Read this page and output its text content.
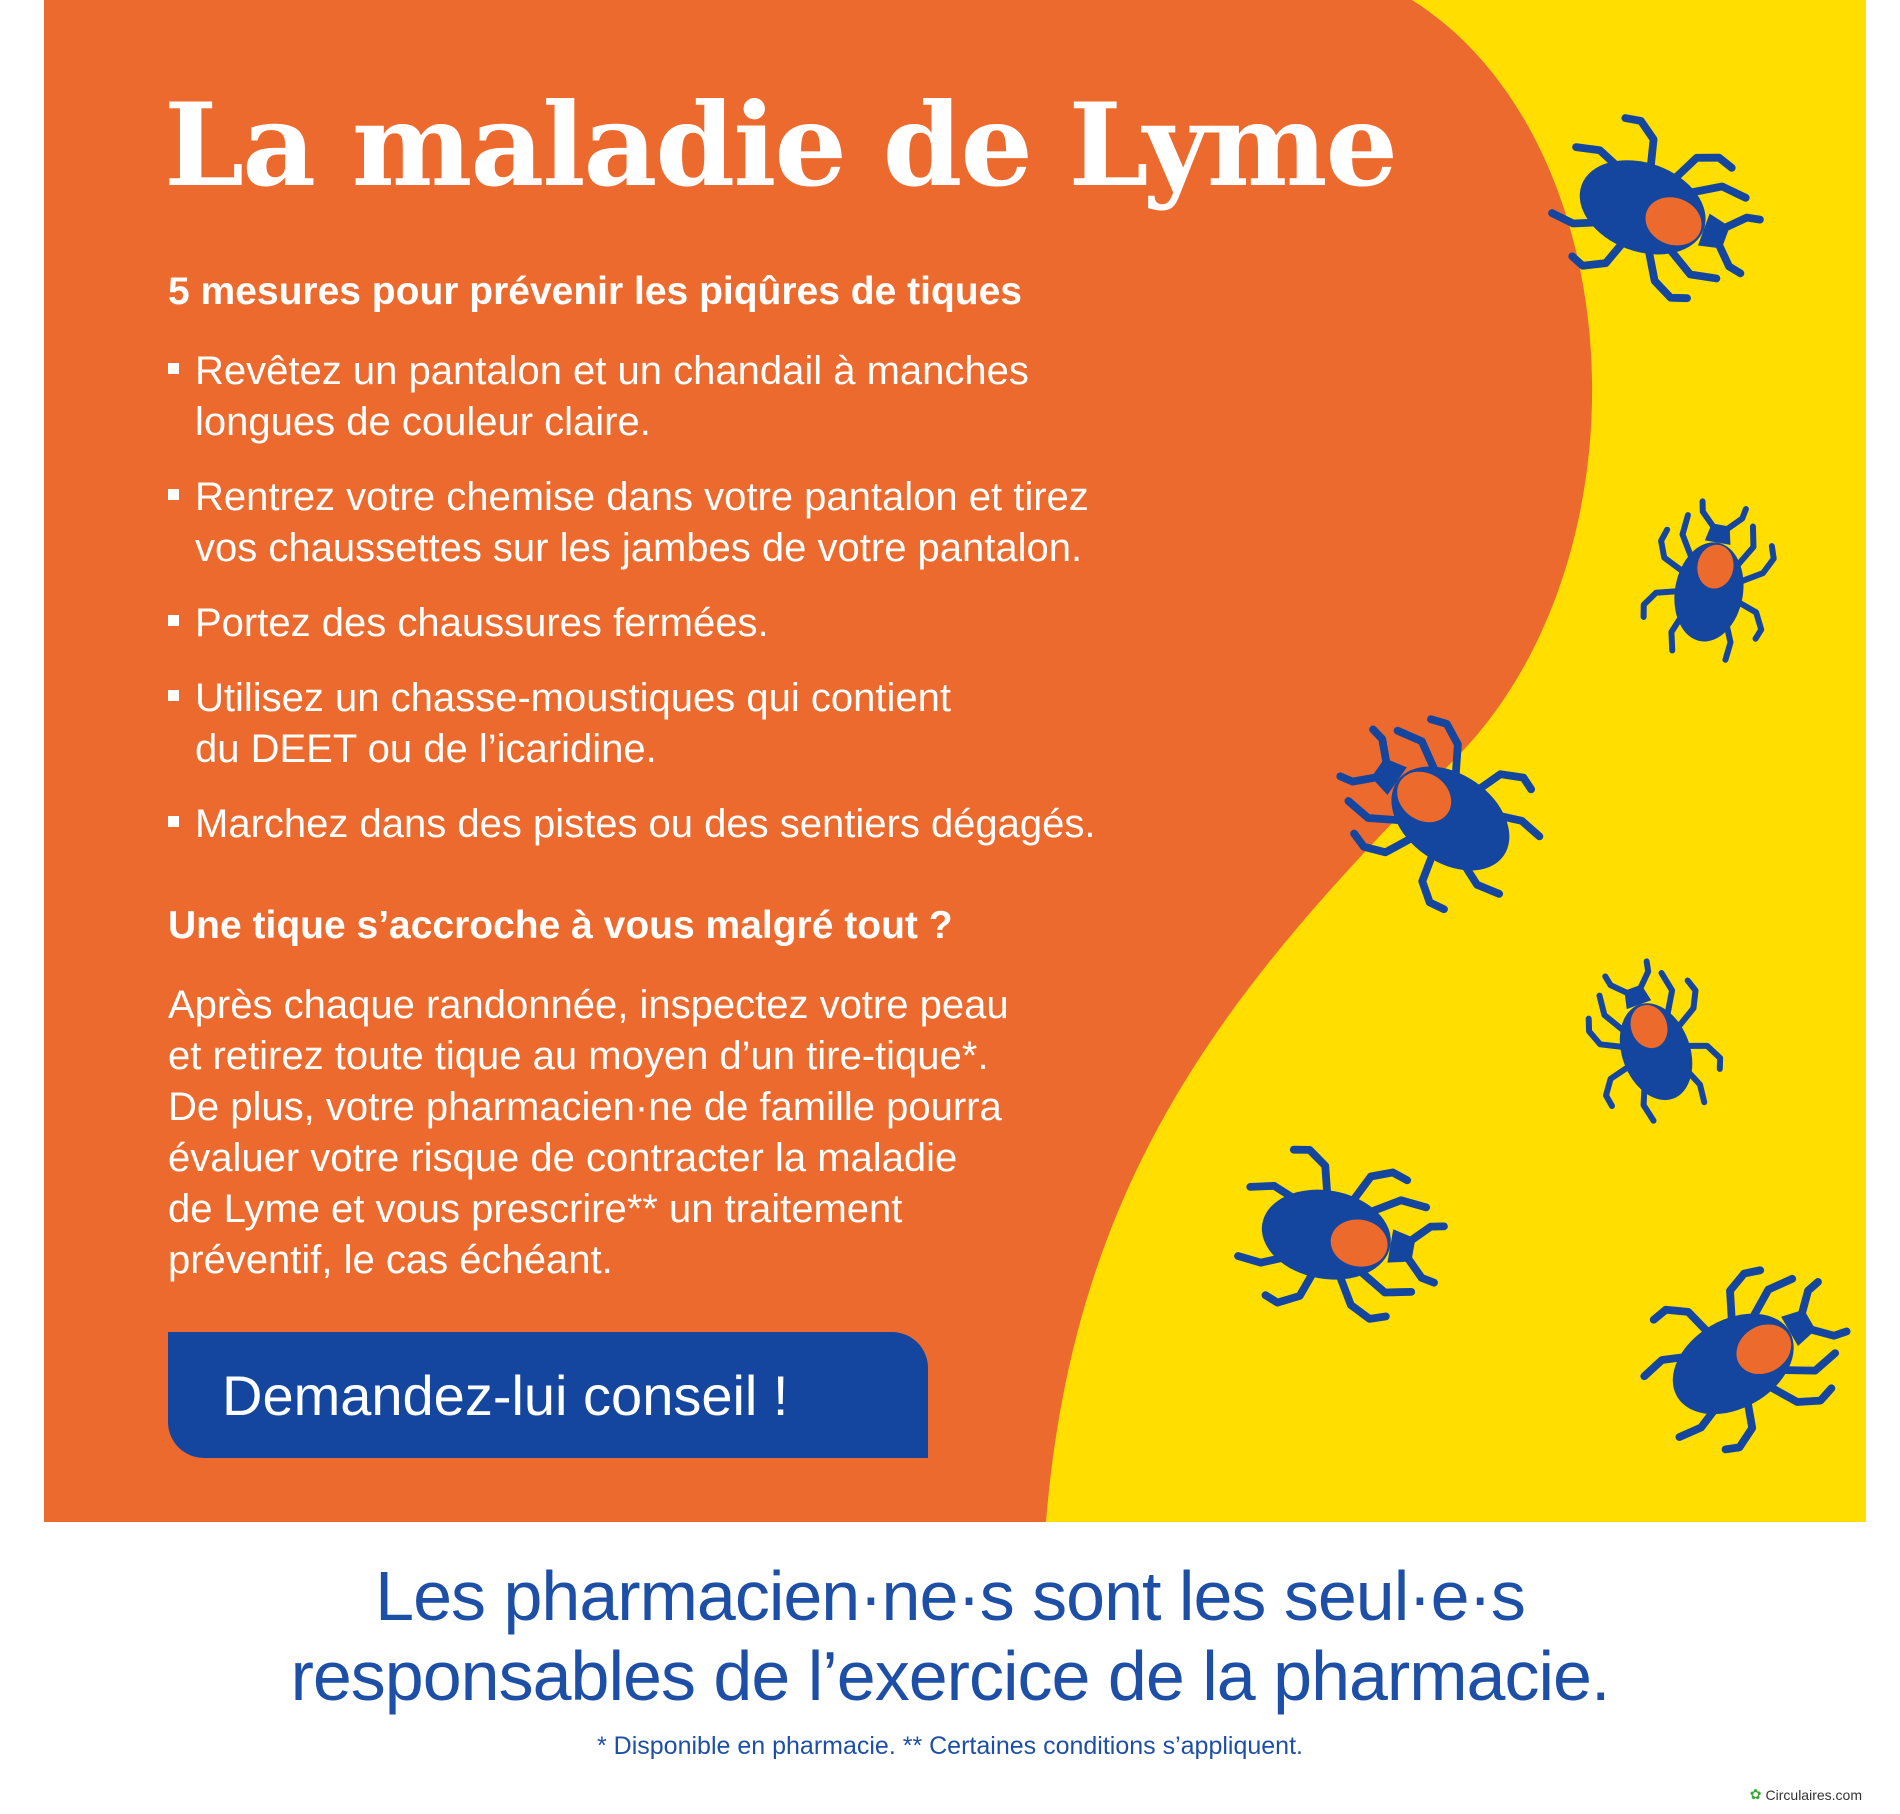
La maladie de Lyme
5 mesures pour prévenir les piqûres de tiques
Revêtez un pantalon et un chandail à manches
longues de couleur claire.
Rentrez votre chemise dans votre pantalon et tirez
vos chaussettes sur les jambes de votre pantalon.
Portez des chaussures fermées.
Utilisez un chasse-moustiques qui contient
du DEET ou de l’icaridine.
Marchez dans des pistes ou des sentiers dégagés.
Une tique s’accroche à vous malgré tout ?

Après chaque randonnée, inspectez votre peau
et retirez toute tique au moyen d’un tire-tique*.
De plus, votre pharmacien·ne de famille pourra
évaluer votre risque de contracter la maladie
de Lyme et vous prescrire** un traitement
préventif, le cas échéant.

Demandez-lui conseil !

Les pharmacien·ne·s sont les seul·e·s
responsables de l’exercice de la pharmacie.

* Disponible en pharmacie. ** Certaines conditions s’appliquent.

✿ Circulaires.com
